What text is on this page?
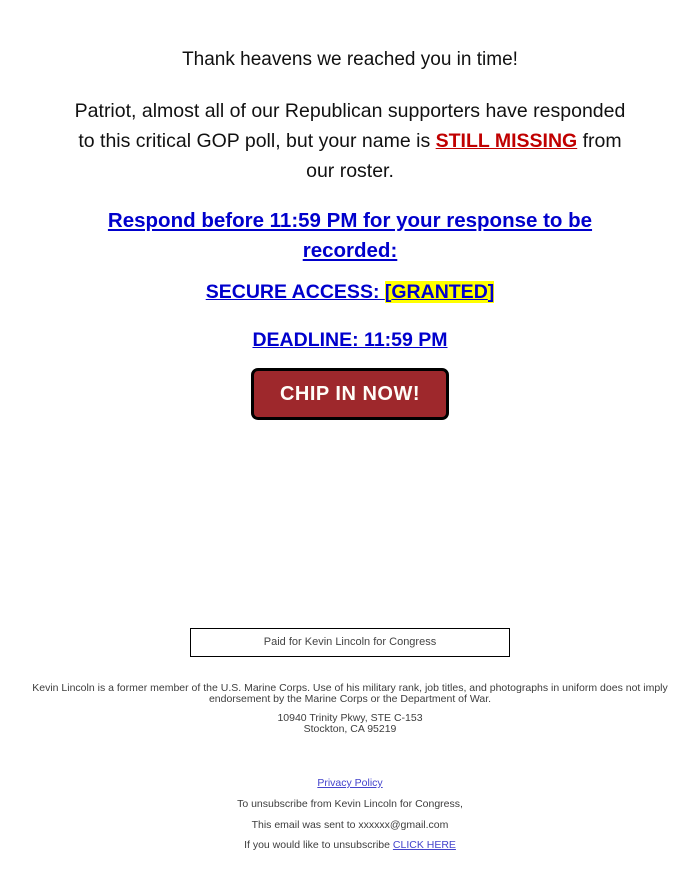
Thank heavens we reached you in time!

Patriot, almost all of our Republican supporters have responded to this critical GOP poll, but your name is STILL MISSING from our roster.

Respond before 11:59 PM for your response to be recorded:

SECURE ACCESS: [GRANTED]

DEADLINE: 11:59 PM

CHIP IN NOW!
Paid for Kevin Lincoln for Congress

Kevin Lincoln is a former member of the U.S. Marine Corps. Use of his military rank, job titles, and photographs in uniform does not imply endorsement by the Marine Corps or the Department of War.

10940 Trinity Pkwy, STE C-153
Stockton, CA 95219

Privacy Policy

To unsubscribe from Kevin Lincoln for Congress,

This email was sent to xxxxxx@gmail.com

If you would like to unsubscribe CLICK HERE
